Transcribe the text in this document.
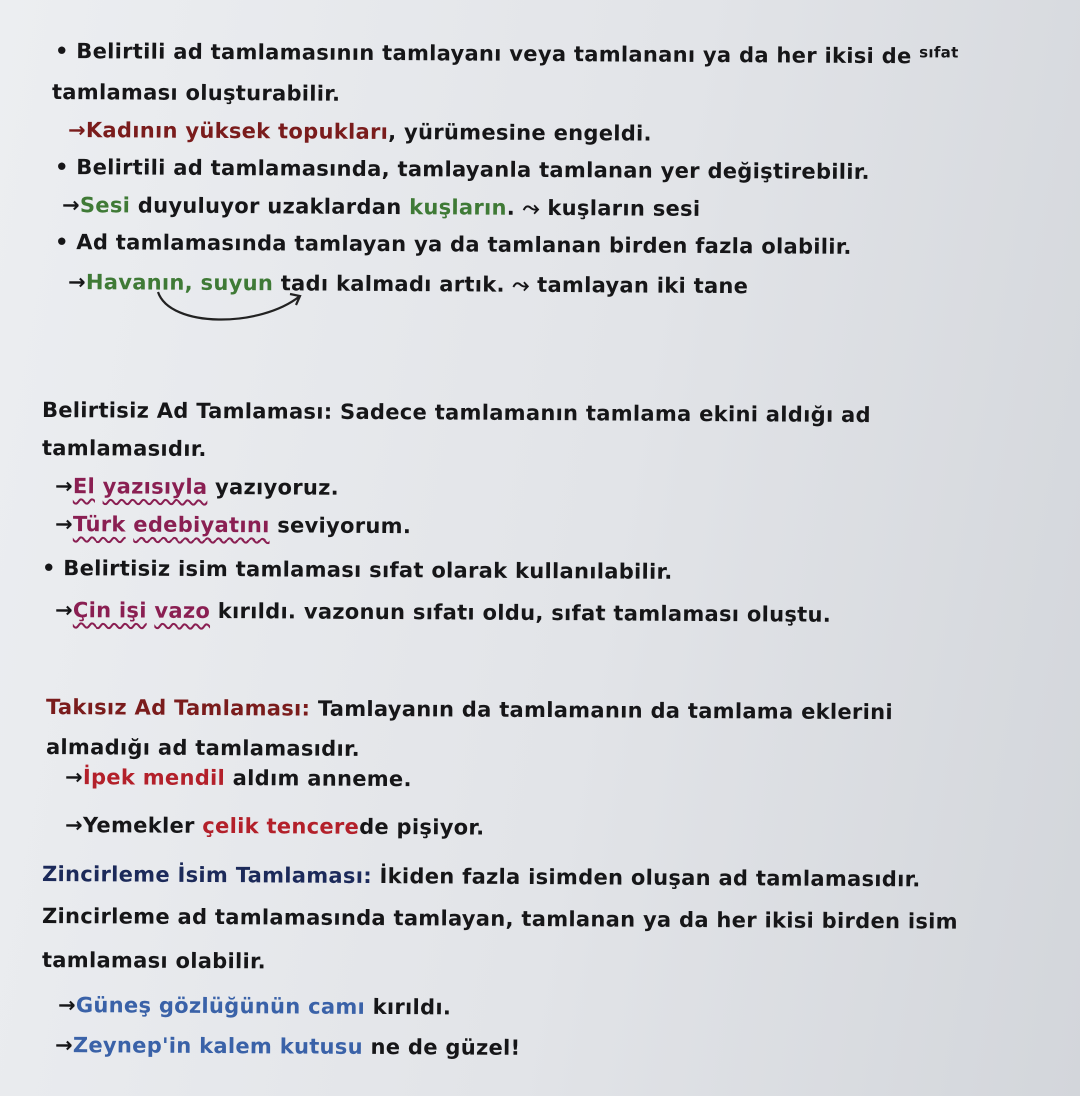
• Belirtili ad tamlamasının tamlayanı veya tamlananı ya da her ikisi de $^{sıfat}$
tamlaması oluşturabilir.
→Kadının yüksek topukları, yürümesine engeldi.
• Belirtili ad tamlamasında, tamlayanla tamlanan yer değiştirebilir.
→Sesi duyuluyor uzaklardan kuşların. ⤳ kuşların sesi
• Ad tamlamasında tamlayan ya da tamlanan birden fazla olabilir.
→Havanın, suyun tadı kalmadı artık. ⤳ tamlayan iki tane
Belirtisiz Ad Tamlaması: Sadece tamlamanın tamlama ekini aldığı ad
tamlamasıdır.
→El yazısıyla yazıyoruz.
→Türk edebiyatını seviyorum.
• Belirtisiz isim tamlaması sıfat olarak kullanılabilir.
→Çin işi vazo kırıldı. vazonun sıfatı oldu, sıfat tamlaması oluştu.
Takısız Ad Tamlaması: Tamlayanın da tamlamanın da tamlama eklerini
almadığı ad tamlamasıdır.
→İpek mendil aldım anneme.
→Yemekler çelik tencerede pişiyor.
Zincirleme İsim Tamlaması: İkiden fazla isimden oluşan ad tamlamasıdır.
Zincirleme ad tamlamasında tamlayan, tamlanan ya da her ikisi birden isim
tamlaması olabilir.
→Güneş gözlüğünün camı kırıldı.
→Zeynep'in kalem kutusu ne de güzel!
